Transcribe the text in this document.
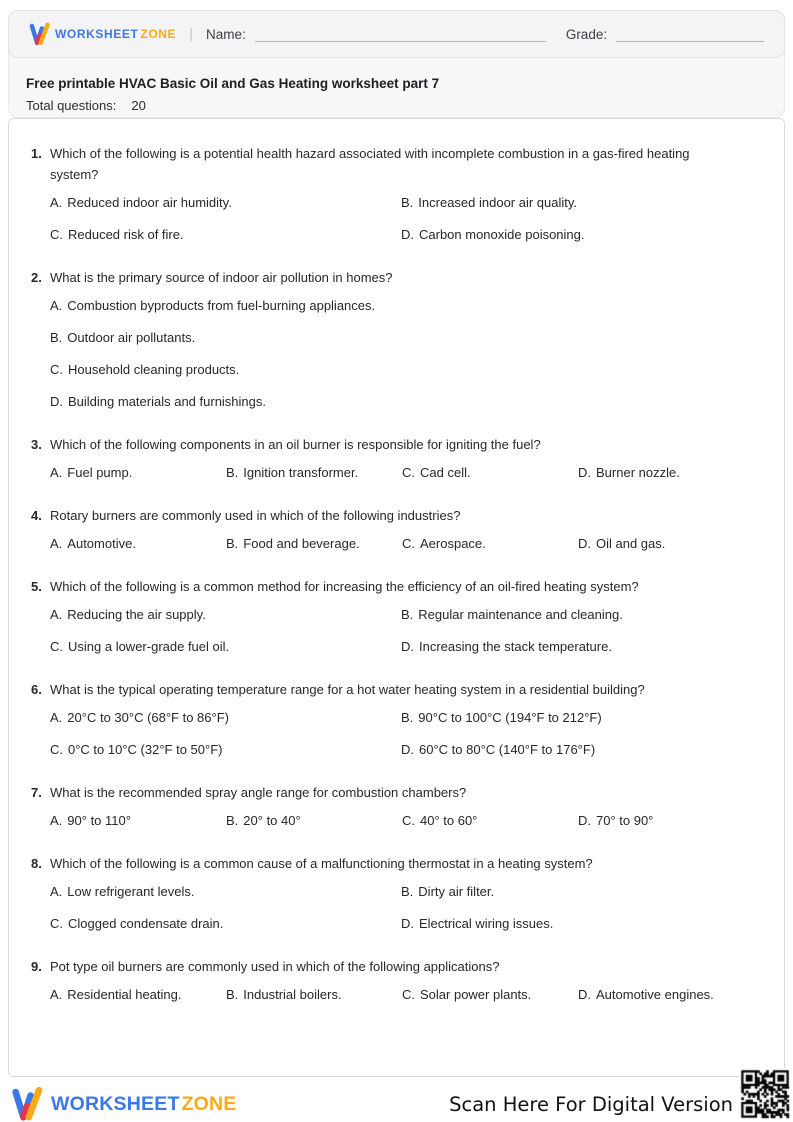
WORKSHEET ZONE | Name:	Grade:
Free printable HVAC Basic Oil and Gas Heating worksheet part 7
Total questions: 20
1. Which of the following is a potential health hazard associated with incomplete combustion in a gas-fired heating system?
A. Reduced indoor air humidity.	B. Increased indoor air quality.
C. Reduced risk of fire.	D. Carbon monoxide poisoning.
2. What is the primary source of indoor air pollution in homes?
A. Combustion byproducts from fuel-burning appliances.
B. Outdoor air pollutants.
C. Household cleaning products.
D. Building materials and furnishings.
3. Which of the following components in an oil burner is responsible for igniting the fuel?
A. Fuel pump.	B. Ignition transformer.	C. Cad cell.	D. Burner nozzle.
4. Rotary burners are commonly used in which of the following industries?
A. Automotive.	B. Food and beverage.	C. Aerospace.	D. Oil and gas.
5. Which of the following is a common method for increasing the efficiency of an oil-fired heating system?
A. Reducing the air supply.	B. Regular maintenance and cleaning.
C. Using a lower-grade fuel oil.	D. Increasing the stack temperature.
6. What is the typical operating temperature range for a hot water heating system in a residential building?
A. 20°C to 30°C (68°F to 86°F)	B. 90°C to 100°C (194°F to 212°F)
C. 0°C to 10°C (32°F to 50°F)	D. 60°C to 80°C (140°F to 176°F)
7. What is the recommended spray angle range for combustion chambers?
A. 90° to 110°	B. 20° to 40°	C. 40° to 60°	D. 70° to 90°
8. Which of the following is a common cause of a malfunctioning thermostat in a heating system?
A. Low refrigerant levels.	B. Dirty air filter.
C. Clogged condensate drain.	D. Electrical wiring issues.
9. Pot type oil burners are commonly used in which of the following applications?
A. Residential heating.	B. Industrial boilers.	C. Solar power plants.	D. Automotive engines.
WORKSHEET ZONE	Scan Here For Digital Version
